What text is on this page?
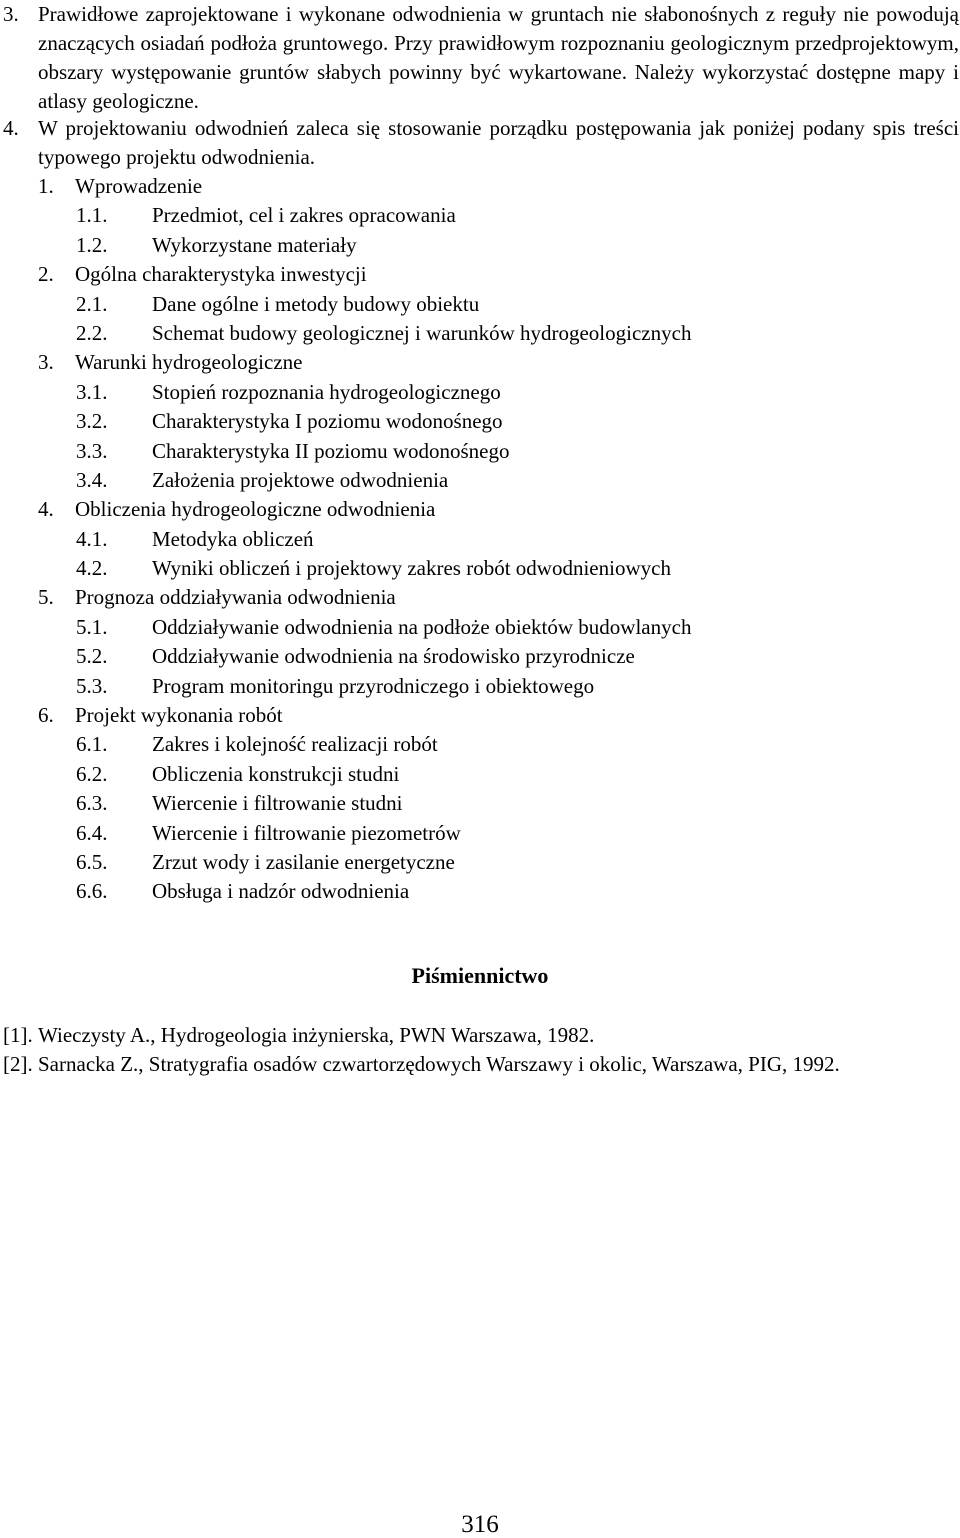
3. Prawidłowe zaprojektowane i wykonane odwodnienia w gruntach nie słabonośnych z reguły nie powodują znaczących osiadań podłoża gruntowego. Przy prawidłowym rozpoznaniu geologicznym przedprojektowym, obszary występowanie gruntów słabych powinny być wykartowane. Należy wykorzystać dostępne mapy i atlasy geologiczne.
4. W projektowaniu odwodnień zaleca się stosowanie porządku postępowania jak poniżej podany spis treści typowego projektu odwodnienia.
1. Wprowadzenie
1.1. Przedmiot, cel i zakres opracowania
1.2. Wykorzystane materiały
2. Ogólna charakterystyka inwestycji
2.1. Dane ogólne i metody budowy obiektu
2.2. Schemat budowy geologicznej i warunków hydrogeologicznych
3. Warunki hydrogeologiczne
3.1. Stopień rozpoznania hydrogeologicznego
3.2. Charakterystyka I poziomu wodonośnego
3.3. Charakterystyka II poziomu wodonośnego
3.4. Założenia projektowe odwodnienia
4. Obliczenia hydrogeologiczne odwodnienia
4.1. Metodyka obliczeń
4.2. Wyniki obliczeń i projektowy zakres robót odwodnieniowych
5. Prognoza oddziaływania odwodnienia
5.1. Oddziaływanie odwodnienia na podłoże obiektów budowlanych
5.2. Oddziaływanie odwodnienia na środowisko przyrodnicze
5.3. Program monitoringu przyrodniczego i obiektowego
6. Projekt wykonania robót
6.1. Zakres i kolejność realizacji robót
6.2. Obliczenia konstrukcji studni
6.3. Wiercenie i filtrowanie studni
6.4. Wiercenie i filtrowanie piezometrów
6.5. Zrzut wody i zasilanie energetyczne
6.6. Obsługa i nadzór odwodnienia
Piśmiennictwo
[1]. Wieczysty A., Hydrogeologia inżynierska, PWN Warszawa, 1982.
[2]. Sarnacka Z., Stratygrafia osadów czwartorzędowych Warszawy i okolic, Warszawa, PIG, 1992.
316
